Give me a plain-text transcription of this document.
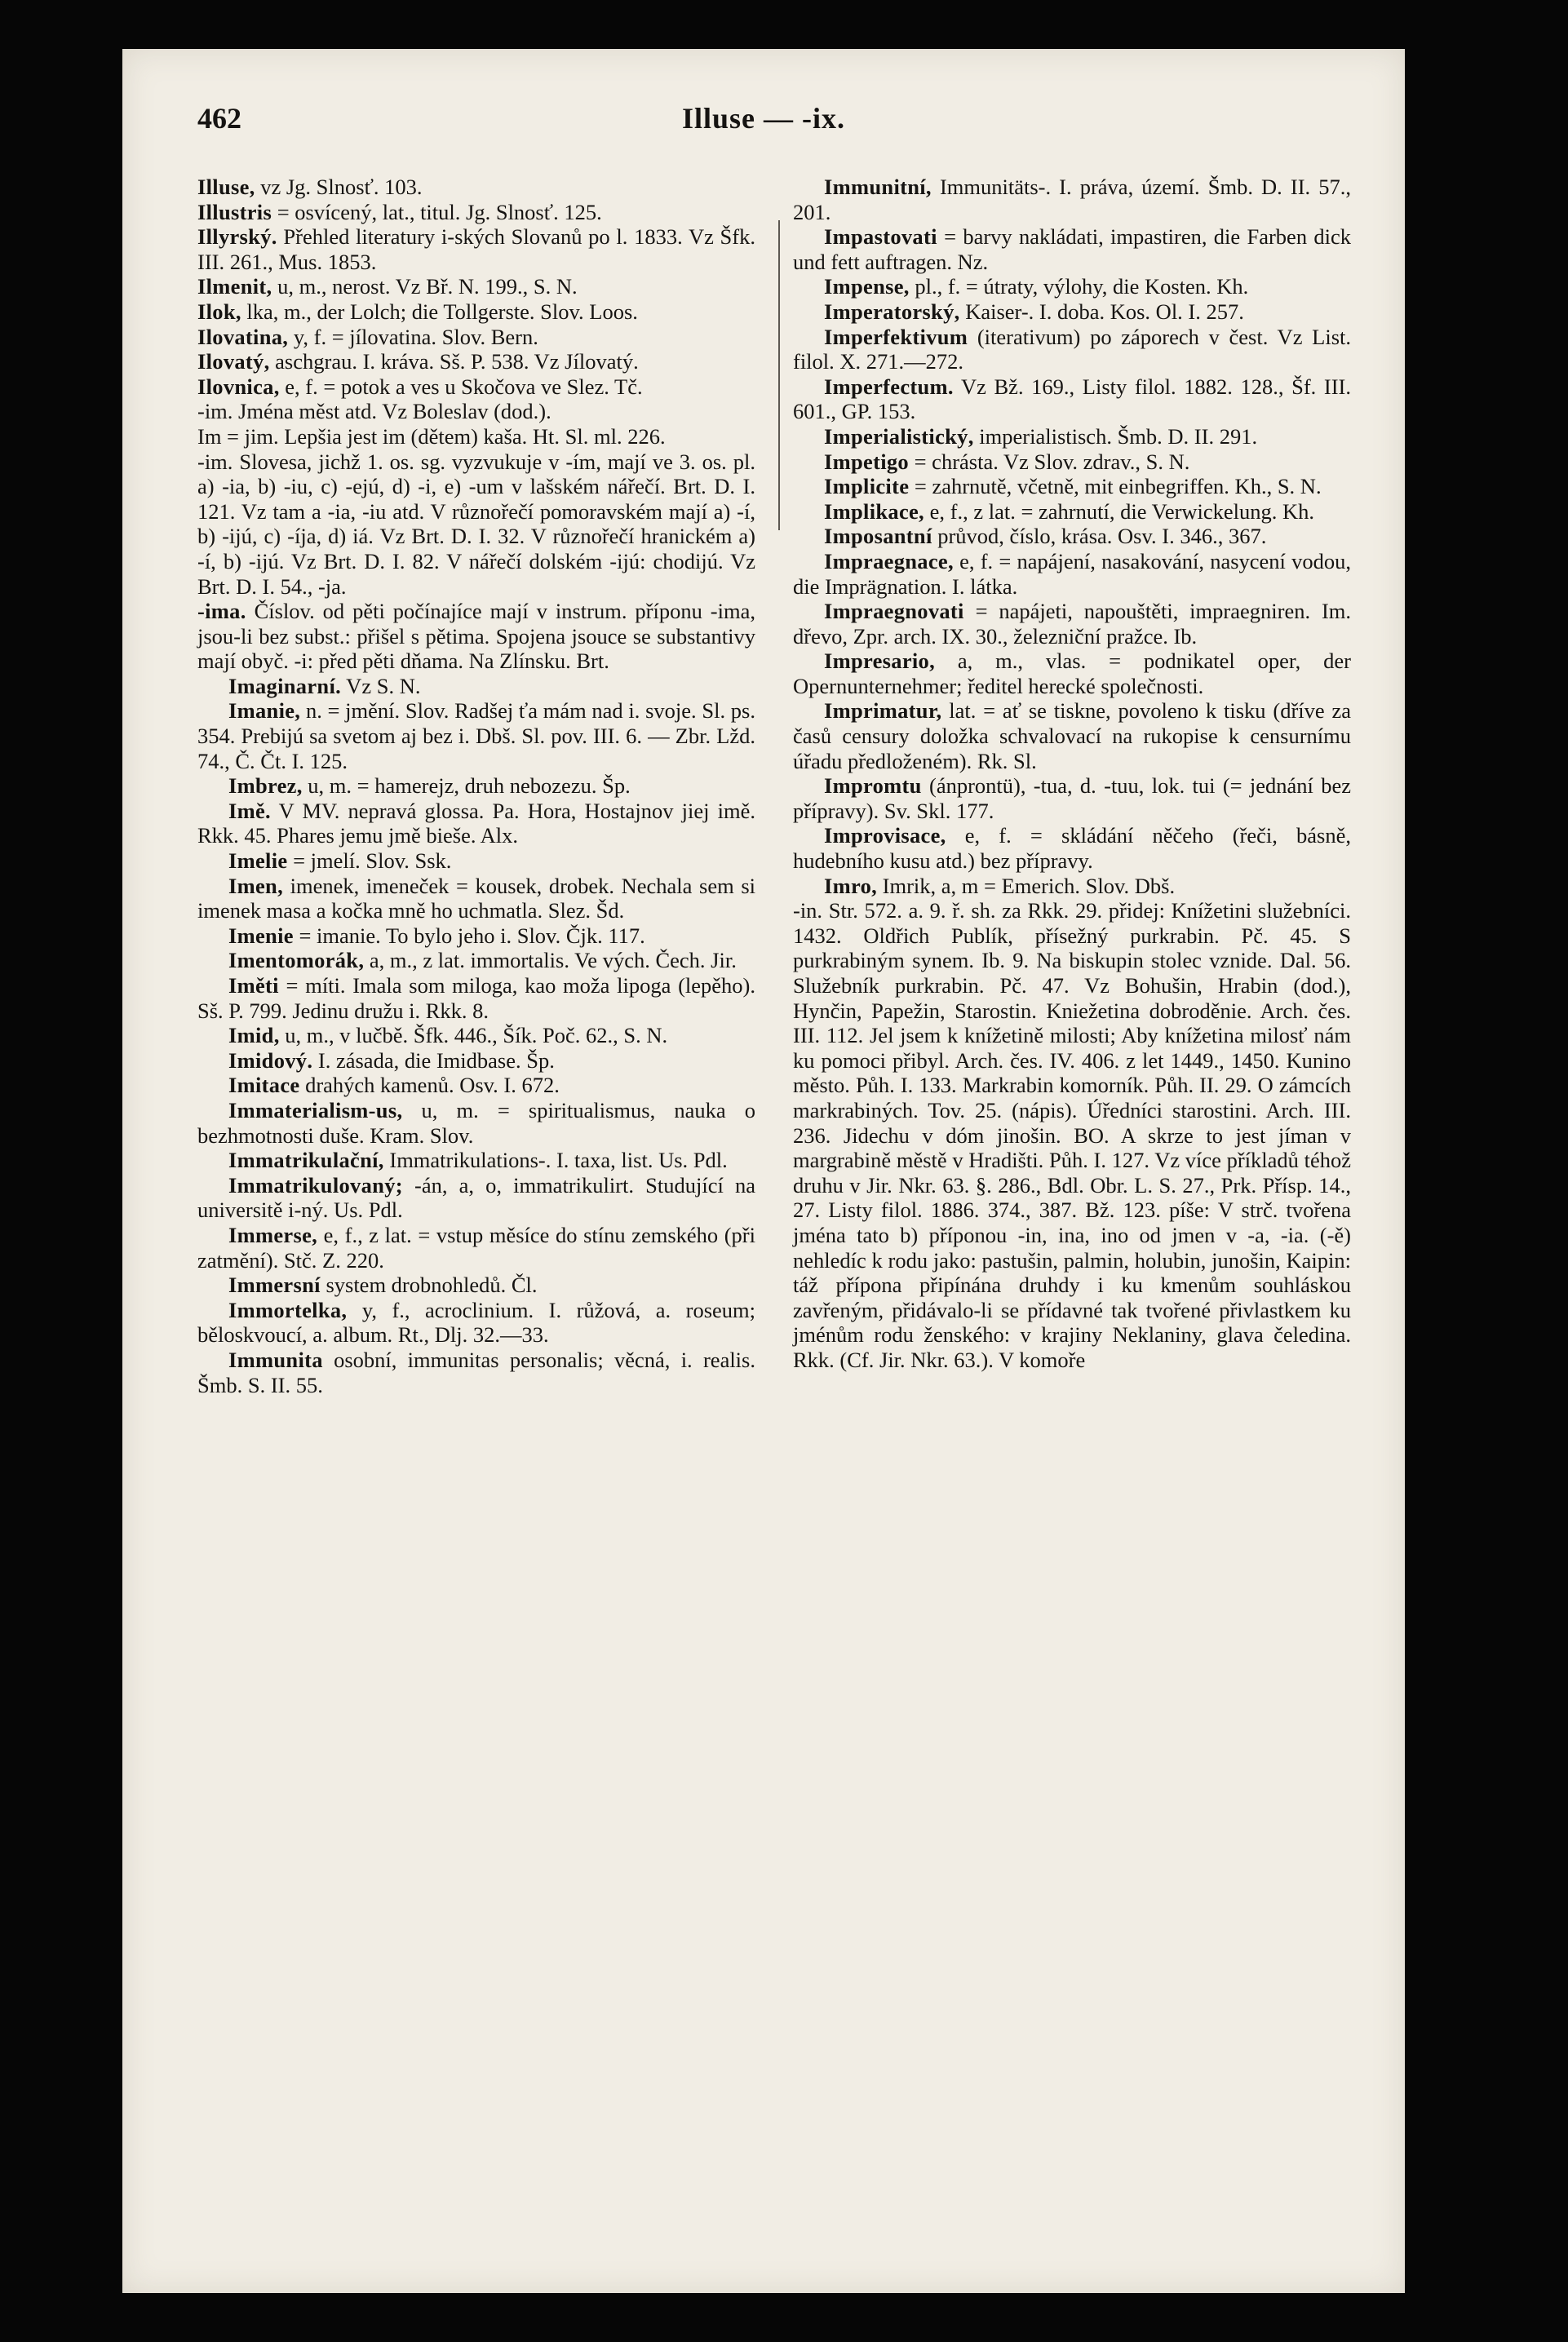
462	Illuse — -ix.

Illuse, vz Jg. Slnosť. 103.

Illustris = osvícený, lat., titul. Jg. Slnosť. 125.

Illyrský. Přehled literatury i-ských Slovanů po l. 1833. Vz Šfk. III. 261., Mus. 1853.

Ilmenit, u, m., nerost. Vz Bř. N. 199., S. N.

Ilok, lka, m., der Lolch; die Tollgerste. Slov. Loos.

Ilovatina, y, f. = jílovatina. Slov. Bern.

Ilovatý, aschgrau. I. kráva. Sš. P. 538. Vz Jílovatý.

Ilovnica, e, f. = potok a ves u Skočova ve Slez. Tč.

-im. Jména měst atd. Vz Boleslav (dod.).

Im = jim. Lepšia jest im (dětem) kaša. Ht. Sl. ml. 226.

-im. Slovesa, jichž 1. os. sg. vyzvukuje v -ím, mají ve 3. os. pl. a) -ia, b) -iu, c) -ejú, d) -i, e) -um v lašském nářečí. Brt. D. I. 121. Vz tam a -ia, -iu atd. V různořečí pomoravském mají a) -í, b) -ijú, c) -íja, d) iá. Vz Brt. D. I. 32. V různořečí hranickém a) -í, b) -ijú. Vz Brt. D. I. 82. V nářečí dolském -ijú: chodijú. Vz Brt. D. I. 54., -ja.

-ima. Číslov. od pěti počínajíce mají v instrum. příponu -ima, jsou-li bez subst.: přišel s pětima. Spojena jsouce se substantivy mají obyč. -i: před pěti dňama. Na Zlínsku. Brt.

Imaginarní. Vz S. N.

Imanie, n. = jmění. Slov. Radšej ťa mám nad i. svoje. Sl. ps. 354. Prebijú sa svetom aj bez i. Dbš. Sl. pov. III. 6. — Zbr. Lžd. 74., Č. Čt. I. 125.

Imbrez, u, m. = hamerejz, druh nebozezu. Šp.

Imě. V MV. nepravá glossa. Pa. Hora, Hostajnov jiej imě. Rkk. 45. Phares jemu jmě bieše. Alx.

Imelie = jmelí. Slov. Ssk.

Imen, imenek, imeneček = kousek, drobek. Nechala sem si imenek masa a kočka mně ho uchmatla. Slez. Šd.

Imenie = imanie. To bylo jeho i. Slov. Čjk. 117.

Imentomorák, a, m., z lat. immortalis. Ve vých. Čech. Jir.

Iměti = míti. Imala som miloga, kao moža lipoga (lepěho). Sš. P. 799. Jedinu družu i. Rkk. 8.

Imid, u, m., v lučbě. Šfk. 446., Šík. Poč. 62., S. N.

Imidový. I. zásada, die Imidbase. Šp.

Imitace drahých kamenů. Osv. I. 672.

Immaterialism-us, u, m. = spiritualismus, nauka o bezhmotnosti duše. Kram. Slov.

Immatrikulační, Immatrikulations-. I. taxa, list. Us. Pdl.

Immatrikulovaný; -án, a, o, immatrikulirt. Studující na universitě i-ný. Us. Pdl.

Immerse, e, f., z lat. = vstup měsíce do stínu zemského (při zatmění). Stč. Z. 220.

Immersní system drobnohledů. Čl.

Immortelka, y, f., acroclinium. I. růžová, a. roseum; běloskvoucí, a. album. Rt., Dlj. 32.—33.

Immunita osobní, immunitas personalis; věcná, i. realis. Šmb. S. II. 55.

Immunitní, Immunitäts-. I. práva, území. Šmb. D. II. 57., 201.

Impastovati = barvy nakládati, impastiren, die Farben dick und fett auftragen. Nz.

Impense, pl., f. = útraty, výlohy, die Kosten. Kh.

Imperatorský, Kaiser-. I. doba. Kos. Ol. I. 257.

Imperfektivum (iterativum) po záporech v čest. Vz List. filol. X. 271.—272.

Imperfectum. Vz Bž. 169., Listy filol. 1882. 128., Šf. III. 601., GP. 153.

Imperialistický, imperialistisch. Šmb. D. II. 291.

Impetigo = chrásta. Vz Slov. zdrav., S. N.

Implicite = zahrnutě, včetně, mit einbegriffen. Kh., S. N.

Implikace, e, f., z lat. = zahrnutí, die Verwickelung. Kh.

Imposantní průvod, číslo, krása. Osv. I. 346., 367.

Impraegnace, e, f. = napájení, nasakování, nasycení vodou, die Imprägnation. I. látka.

Impraegnovati = napájeti, napouštěti, impraegniren. Im. dřevo, Zpr. arch. IX. 30., železniční pražce. Ib.

Impresario, a, m., vlas. = podnikatel oper, der Opernunternehmer; ředitel herecké společnosti.

Imprimatur, lat. = ať se tiskne, povoleno k tisku (dříve za časů censury doložka schvalovací na rukopise k censurnímu úřadu předloženém). Rk. Sl.

Impromtu (ánprontü), -tua, d. -tuu, lok. tui (= jednání bez přípravy). Sv. Skl. 177.

Improvisace, e, f. = skládání něčeho (řeči, básně, hudebního kusu atd.) bez přípravy.

Imro, Imrik, a, m = Emerich. Slov. Dbš.

-in. Str. 572. a. 9. ř. sh. za Rkk. 29. přidej: Knížetini služebníci. 1432. Oldřich Publík, přísežný purkrabin. Pč. 45. S purkrabiným synem. Ib. 9. Na biskupin stolec vznide. Dal. 56. Služebník purkrabin. Pč. 47. Vz Bohušin, Hrabin (dod.), Hynčin, Papežin, Starostin. Kniežetina dobroděnie. Arch. čes. III. 112. Jel jsem k knížetině milosti; Aby knížetina milosť nám ku pomoci přibyl. Arch. čes. IV. 406. z let 1449., 1450. Kunino město. Půh. I. 133. Markrabin komorník. Půh. II. 29. O zámcích markrabiných. Tov. 25. (nápis). Úředníci starostini. Arch. III. 236. Jidechu v dóm jinošin. BO. A skrze to jest jíman v margrabině městě v Hradišti. Půh. I. 127. Vz více příkladů téhož druhu v Jir. Nkr. 63. §. 286., Bdl. Obr. L. S. 27., Prk. Přísp. 14., 27. Listy filol. 1886. 374., 387. Bž. 123. píše: V strč. tvořena jména tato b) příponou -in, ina, ino od jmen v -a, -ia. (-ě) nehledíc k rodu jako: pastušin, palmin, holubin, junošin, Kaipin: táž přípona připínána druhdy i ku kmenům souhláskou zavřeným, přidávalo-li se přídavné tak tvořené přivlastkem ku jménům rodu ženského: v krajiny Neklaniny, glava čeledina. Rkk. (Cf. Jir. Nkr. 63.). V komoře
